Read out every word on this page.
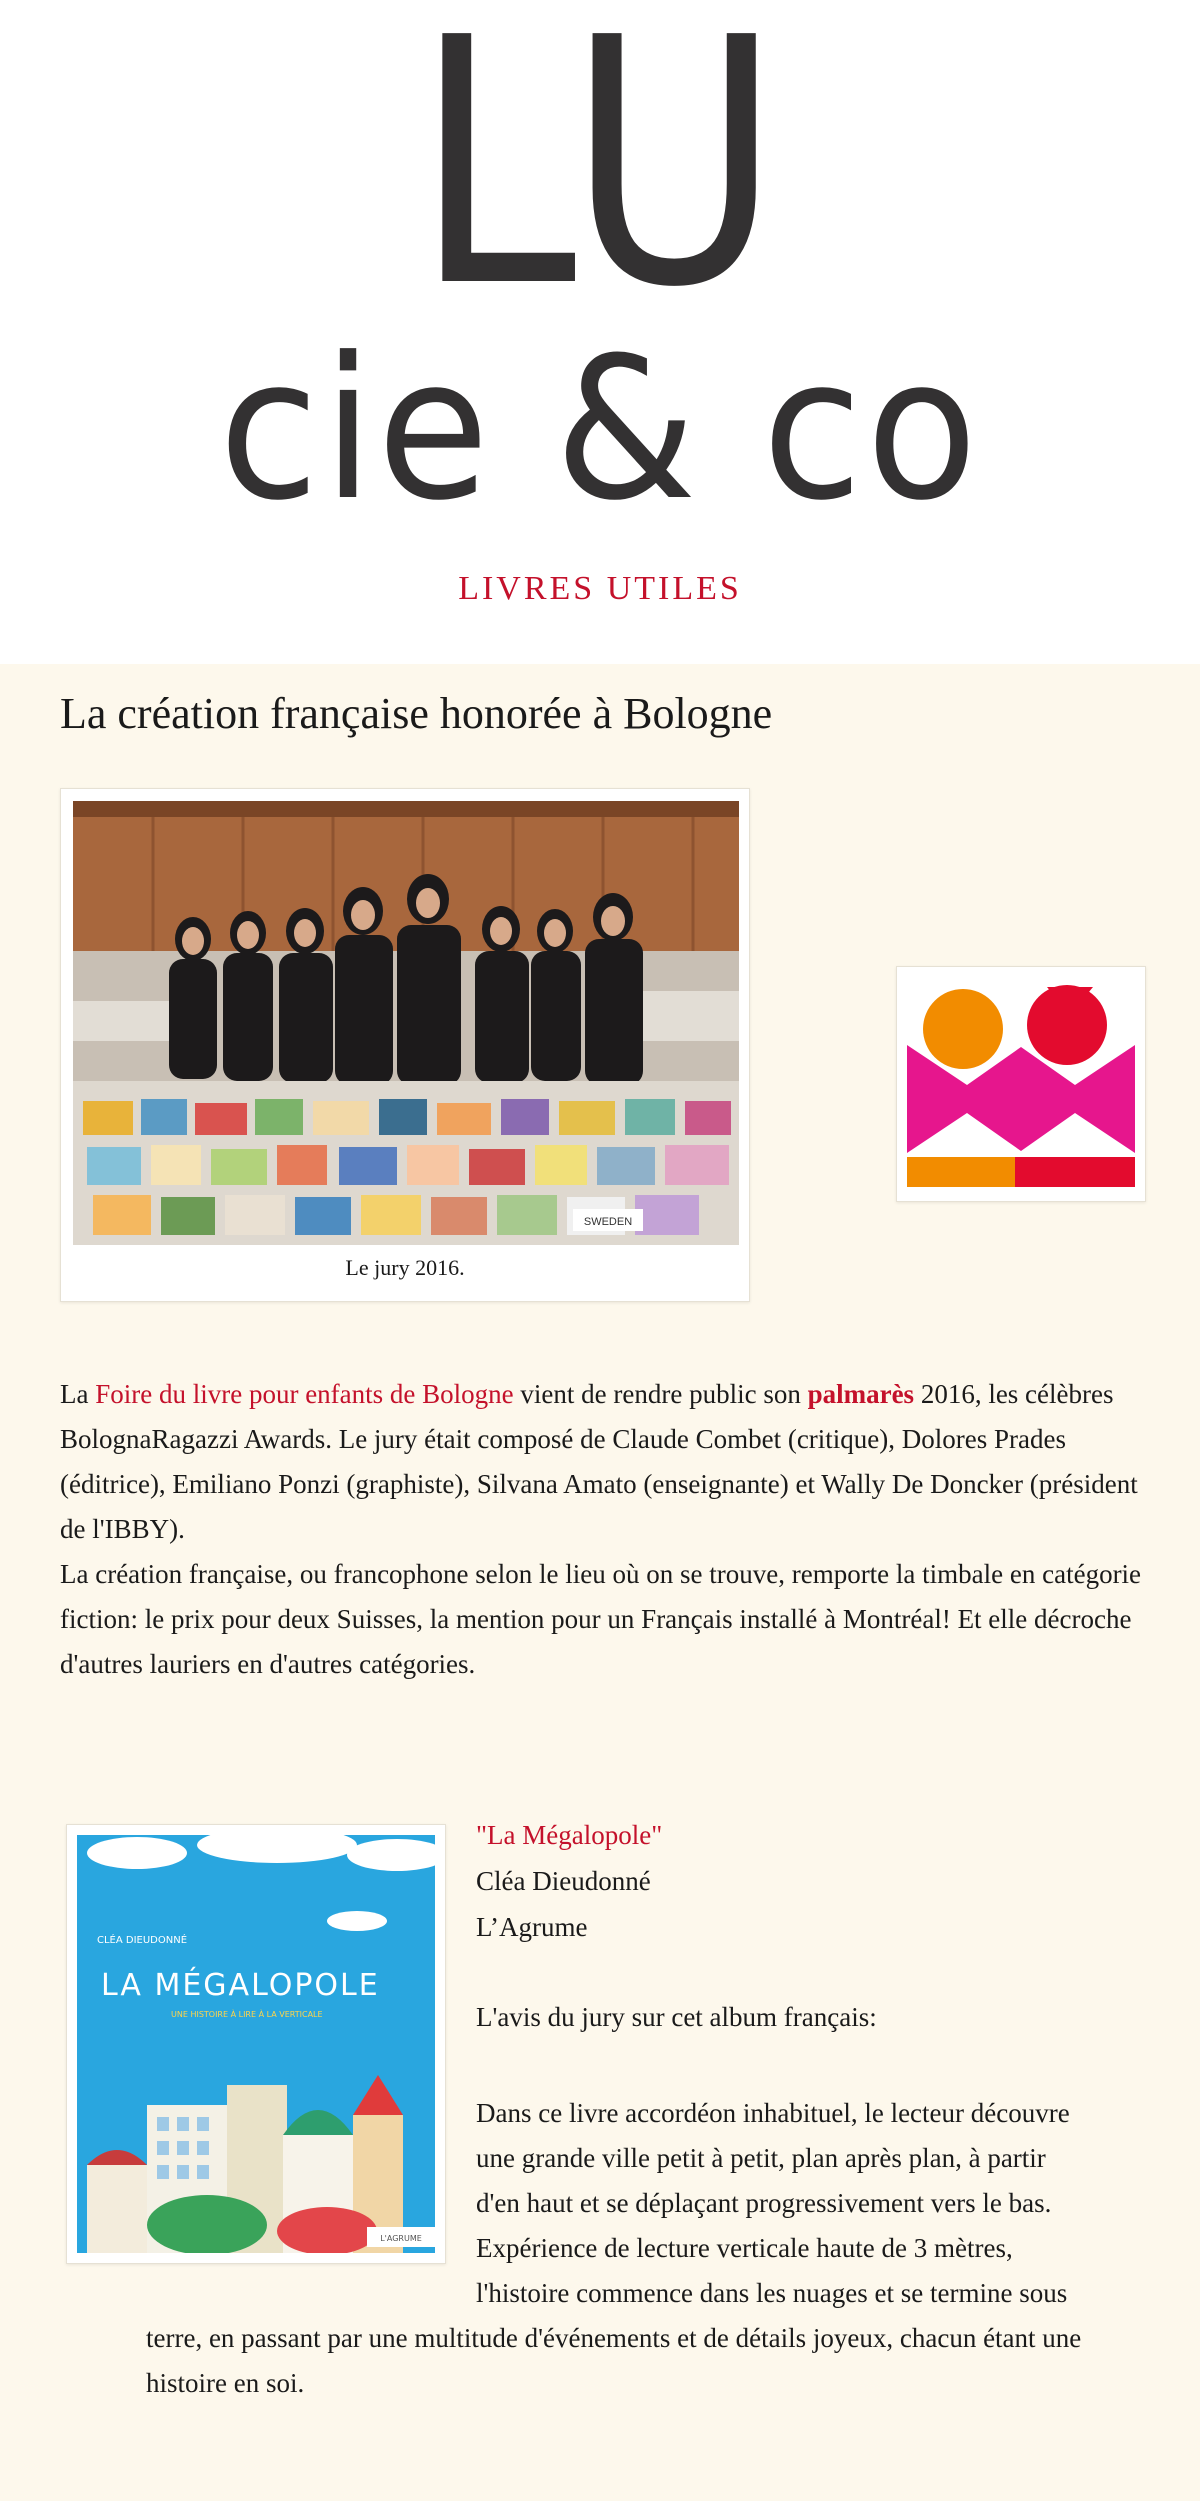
LU
cie & co
LIVRES UTILES
La création française honorée à Bologne
SWEDEN
Le jury 2016.

La Foire du livre pour enfants de Bologne vient de rendre public son palmarès 2016, les célèbres BolognaRagazzi Awards. Le jury était composé de Claude Combet (critique), Dolores Prades (éditrice), Emiliano Ponzi (graphiste), Silvana Amato (enseignante) et Wally De Doncker (président de l'IBBY).
La création française, ou francophone selon le lieu où on se trouve, remporte la timbale en catégorie fiction: le prix pour deux Suisses, la mention pour un Français installé à Montréal! Et elle décroche d'autres lauriers en d'autres catégories.

CLÉA DIEUDONNÉ
LA MÉGALOPOLE
UNE HISTOIRE À LIRE À LA VERTICALE
L'AGRUME
"La Mégalopole"
Cléa Dieudonné
L’Agrume
L'avis du jury sur cet album français:

Dans ce livre accordéon inhabituel, le lecteur découvre une grande ville petit à petit, plan après plan, à partir d'en haut et se déplaçant progressivement vers le bas. Expérience de lecture verticale haute de 3 mètres, l'histoire commence dans les nuages et se termine sous

terre, en passant par une multitude d'événements et de détails joyeux, chacun étant une histoire en soi.
